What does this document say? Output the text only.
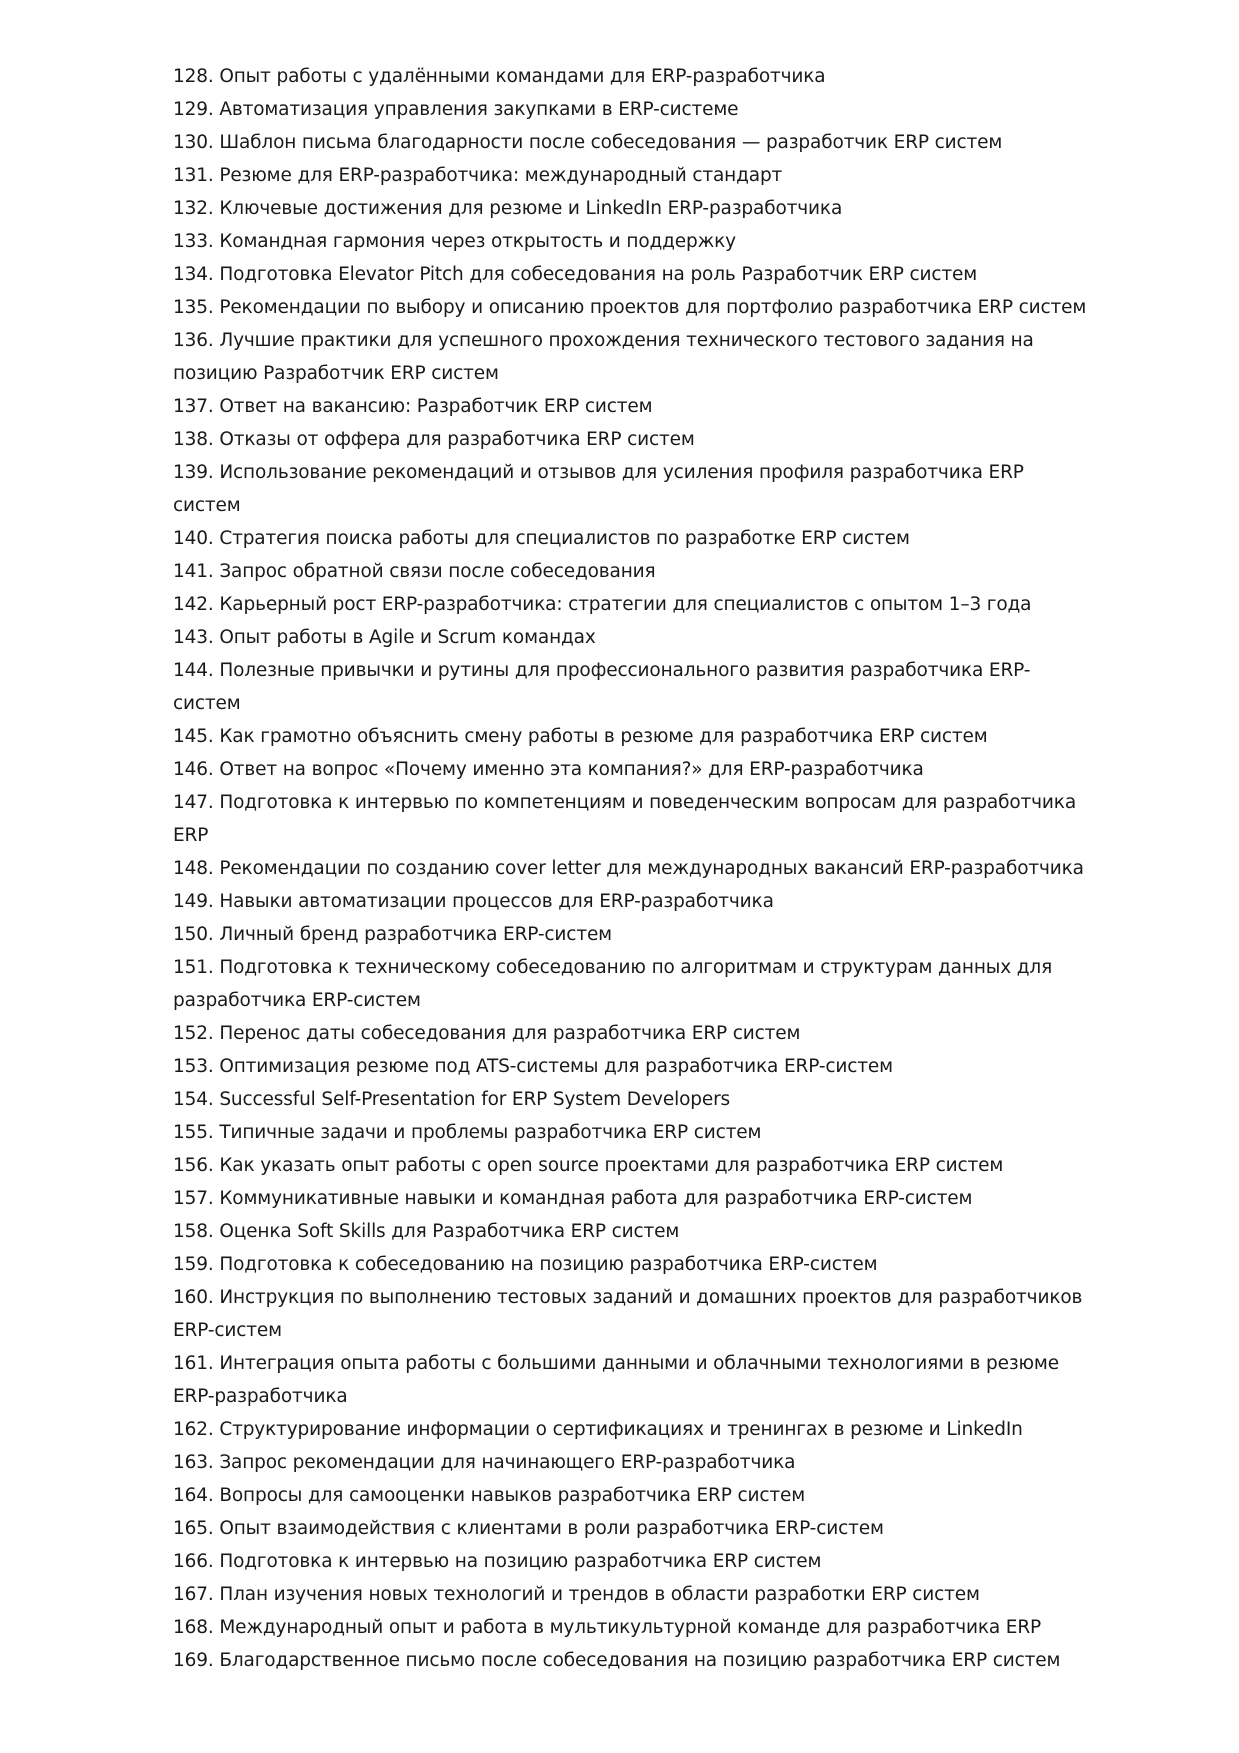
128. Опыт работы с удалёнными командами для ERP-разработчика
129. Автоматизация управления закупками в ERP-системе
130. Шаблон письма благодарности после собеседования — разработчик ERP систем
131. Резюме для ERP-разработчика: международный стандарт
132. Ключевые достижения для резюме и LinkedIn ERP-разработчика
133. Командная гармония через открытость и поддержку
134. Подготовка Elevator Pitch для собеседования на роль Разработчик ERP систем
135. Рекомендации по выбору и описанию проектов для портфолио разработчика ERP систем
136. Лучшие практики для успешного прохождения технического тестового задания на позицию Разработчик ERP систем
137. Ответ на вакансию: Разработчик ERP систем
138. Отказы от оффера для разработчика ERP систем
139. Использование рекомендаций и отзывов для усиления профиля разработчика ERP систем
140. Стратегия поиска работы для специалистов по разработке ERP систем
141. Запрос обратной связи после собеседования
142. Карьерный рост ERP-разработчика: стратегии для специалистов с опытом 1–3 года
143. Опыт работы в Agile и Scrum командах
144. Полезные привычки и рутины для профессионального развития разработчика ERP-систем
145. Как грамотно объяснить смену работы в резюме для разработчика ERP систем
146. Ответ на вопрос «Почему именно эта компания?» для ERP-разработчика
147. Подготовка к интервью по компетенциям и поведенческим вопросам для разработчика ERP
148. Рекомендации по созданию cover letter для международных вакансий ERP-разработчика
149. Навыки автоматизации процессов для ERP-разработчика
150. Личный бренд разработчика ERP-систем
151. Подготовка к техническому собеседованию по алгоритмам и структурам данных для разработчика ERP-систем
152. Перенос даты собеседования для разработчика ERP систем
153. Оптимизация резюме под ATS-системы для разработчика ERP-систем
154. Successful Self-Presentation for ERP System Developers
155. Типичные задачи и проблемы разработчика ERP систем
156. Как указать опыт работы с open source проектами для разработчика ERP систем
157. Коммуникативные навыки и командная работа для разработчика ERP-систем
158. Оценка Soft Skills для Разработчика ERP систем
159. Подготовка к собеседованию на позицию разработчика ERP-систем
160. Инструкция по выполнению тестовых заданий и домашних проектов для разработчиков ERP-систем
161. Интеграция опыта работы с большими данными и облачными технологиями в резюме ERP-разработчика
162. Структурирование информации о сертификациях и тренингах в резюме и LinkedIn
163. Запрос рекомендации для начинающего ERP-разработчика
164. Вопросы для самооценки навыков разработчика ERP систем
165. Опыт взаимодействия с клиентами в роли разработчика ERP-систем
166. Подготовка к интервью на позицию разработчика ERP систем
167. План изучения новых технологий и трендов в области разработки ERP систем
168. Международный опыт и работа в мультикультурной команде для разработчика ERP
169. Благодарственное письмо после собеседования на позицию разработчика ERP систем
